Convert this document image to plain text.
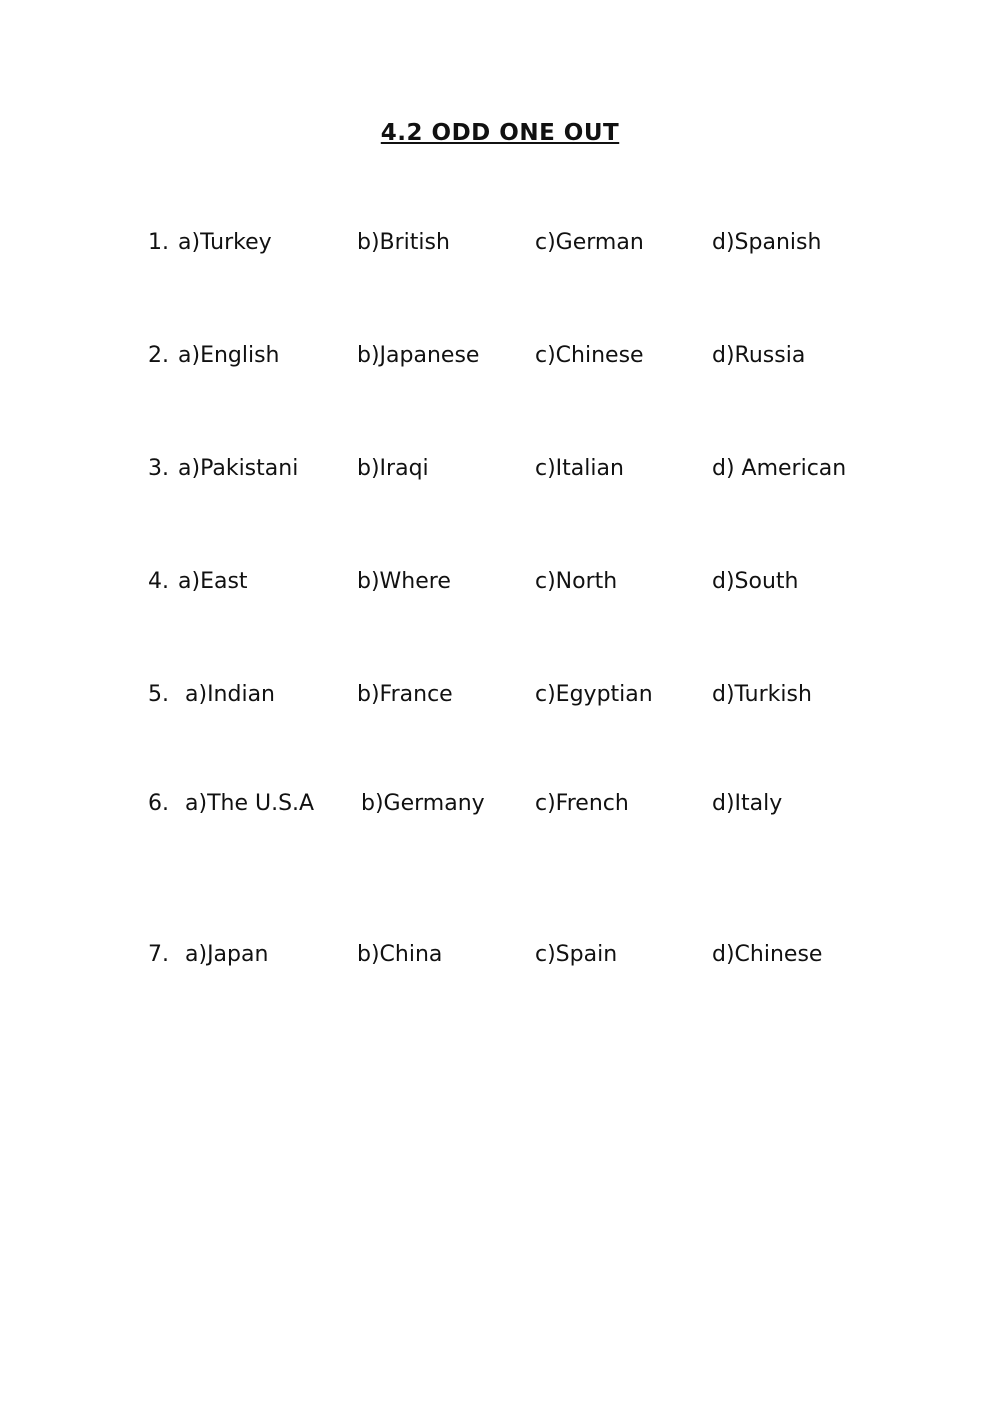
4.2 ODD ONE OUT
1. a)Turkey	b)British	c)German	d)Spanish
2. a)English	b)Japanese	c)Chinese	d)Russia
3. a)Pakistani	b)Iraqi	c)Italian	d) American
4. a)East	b)Where	c)North	d)South
5. a)Indian	b)France	c)Egyptian	d)Turkish
6. a)The U.S.A b)Germany c)French	d)Italy
7. a)Japan	b)China	c)Spain	d)Chinese
